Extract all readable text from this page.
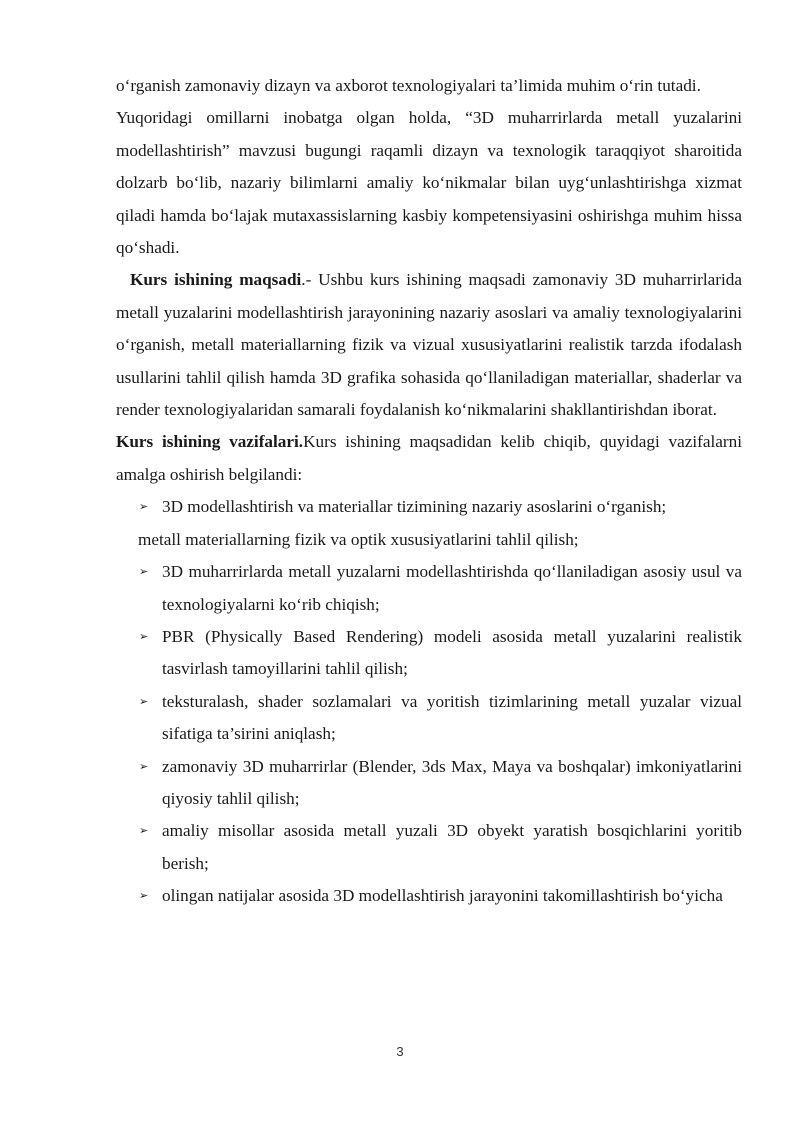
o‘rganish zamonaviy dizayn va axborot texnologiyalari ta’limida muhim o‘rin tutadi.

Yuqoridagi omillarni inobatga olgan holda, “3D muharrirlarda metall yuzalarini modellashtirish” mavzusi bugungi raqamli dizayn va texnologik taraqqiyot sharoitida dolzarb bo‘lib, nazariy bilimlarni amaliy ko‘nikmalar bilan uyg‘unlashtirishga xizmat qiladi hamda bo‘lajak mutaxassislarning kasbiy kompetensiyasini oshirishga muhim hissa qo‘shadi.

Kurs ishining maqsadi.- Ushbu kurs ishining maqsadi zamonaviy 3D muharrirlarida metall yuzalarini modellashtirish jarayonining nazariy asoslari va amaliy texnologiyalarini o‘rganish, metall materiallarning fizik va vizual xususiyatlarini realistik tarzda ifodalash usullarini tahlil qilish hamda 3D grafika sohasida qo‘llaniladigan materiallar, shaderlar va render texnologiyalaridan samarali foydalanish ko‘nikmalarini shakllantirishdan iborat.

Kurs ishining vazifalari.Kurs ishining maqsadidan kelib chiqib, quyidagi vazifalarni amalga oshirish belgilandi:

➢ 3D modellashtirish va materiallar tizimining nazariy asoslarini o‘rganish;

metall materiallarning fizik va optik xususiyatlarini tahlil qilish;

➢ 3D muharrirlarda metall yuzalarni modellashtirishda qo‘llaniladigan asosiy usul va texnologiyalarni ko‘rib chiqish;
➢ PBR (Physically Based Rendering) modeli asosida metall yuzalarini realistik tasvirlash tamoyillarini tahlil qilish;
➢ teksturalash, shader sozlamalari va yoritish tizimlarining metall yuzalar vizual sifatiga ta’sirini aniqlash;
➢ zamonaviy 3D muharrirlar (Blender, 3ds Max, Maya va boshqalar) imkoniyatlarini qiyosiy tahlil qilish;
➢ amaliy misollar asosida metall yuzali 3D obyekt yaratish bosqichlarini yoritib berish;
➢ olingan natijalar asosida 3D modellashtirish jarayonini takomillashtirish bo‘yicha
3
